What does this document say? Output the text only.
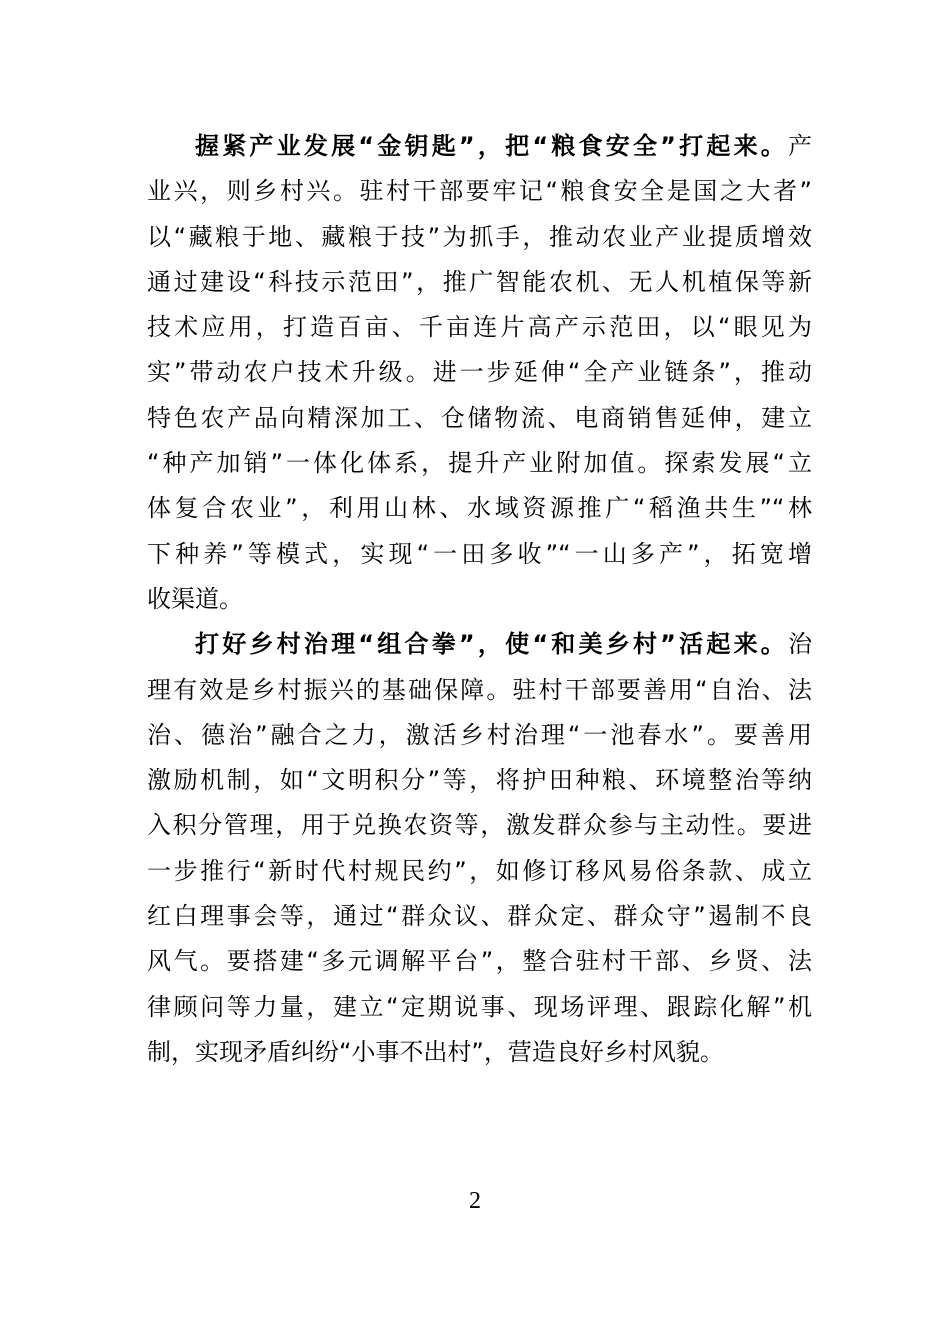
握紧产业发展“金钥匙”，把“粮食安全”打起来。产
业兴，则乡村兴。驻村干部要牢记“粮食安全是国之大者”
以“藏粮于地、藏粮于技”为抓手，推动农业产业提质增效
通过建设“科技示范田”，推广智能农机、无人机植保等新
技术应用，打造百亩、千亩连片高产示范田，以“眼见为
实”带动农户技术升级。进一步延伸“全产业链条”，推动
特色农产品向精深加工、仓储物流、电商销售延伸，建立
“种产加销”一体化体系，提升产业附加值。探索发展“立
体复合农业”，利用山林、水域资源推广“稻渔共生”“林
下种养”等模式，实现“一田多收”“一山多产”，拓宽增
收渠道。
打好乡村治理“组合拳”，使“和美乡村”活起来。治
理有效是乡村振兴的基础保障。驻村干部要善用“自治、法
治、德治”融合之力，激活乡村治理“一池春水”。要善用
激励机制，如“文明积分”等，将护田种粮、环境整治等纳
入积分管理，用于兑换农资等，激发群众参与主动性。要进
一步推行“新时代村规民约”，如修订移风易俗条款、成立
红白理事会等，通过“群众议、群众定、群众守”遏制不良
风气。要搭建“多元调解平台”，整合驻村干部、乡贤、法
律顾问等力量，建立“定期说事、现场评理、跟踪化解”机
制，实现矛盾纠纷“小事不出村”，营造良好乡村风貌。
2
